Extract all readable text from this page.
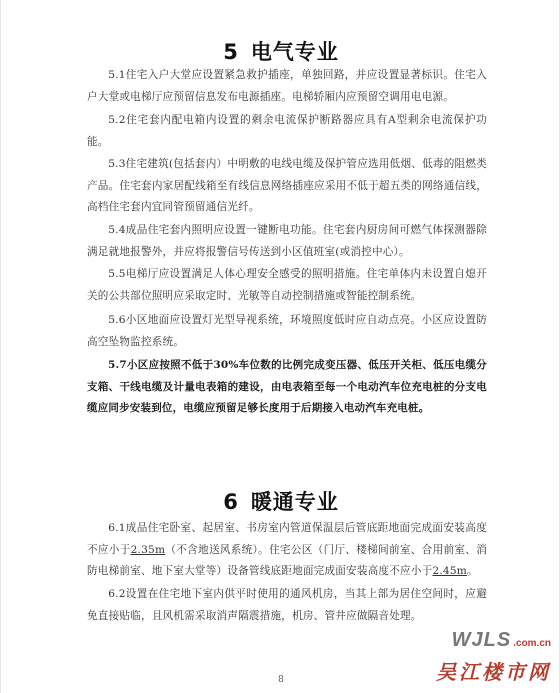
5 电气专业

5.1住宅入户大堂应设置紧急救护插座，单独回路，并应设置显著标识。住宅入户大堂或电梯厅应预留信息发布电源插座。电梯轿厢内应预留空调用电电源。

5.2住宅套内配电箱内设置的剩余电流保护断路器应具有A型剩余电流保护功能。

5.3住宅建筑(包括套内）中明敷的电线电缆及保护管应选用低烟、低毒的阻燃类产品。住宅套内家居配线箱至有线信息网络插座应采用不低于超五类的网络通信线，高档住宅套内宜同管预留通信光纤。

5.4成品住宅套内照明应设置一键断电功能。住宅套内厨房间可燃气体探测器除满足就地报警外，并应将报警信号传送到小区值班室(或消控中心）。

5.5电梯厅应设置满足人体心理安全感受的照明措施。住宅单体内未设置自熄开关的公共部位照明应采取定时、光敏等自动控制措施或智能控制系统。

5.6小区地面应设置灯光型导视系统，环境照度低时应自动点亮。小区应设置防高空坠物监控系统。

5.7小区应按照不低于30%车位数的比例完成变压器、低压开关柜、低压电缆分支箱、干线电缆及计量电表箱的建设，由电表箱至每一个电动汽车位充电桩的分支电缆应同步安装到位，电缆应预留足够长度用于后期接入电动汽车充电桩。

6 暖通专业

6.1成品住宅卧室、起居室、书房室内管道保温层后管底距地面完成面安装高度不应小于2.35m（不含地送风系统）。住宅公区（门厅、楼梯间前室、合用前室、消防电梯前室、地下室大堂等）设备管线底距地面完成面安装高度不应小于2.45m。

6.2设置在住宅地下室内供平时使用的通风机房，当其上部为居住空间时，应避免直接贴临，且风机需采取消声隔震措施，机房、管井应做隔音处理。

8
WJLS .com.cn
吴江楼市网
